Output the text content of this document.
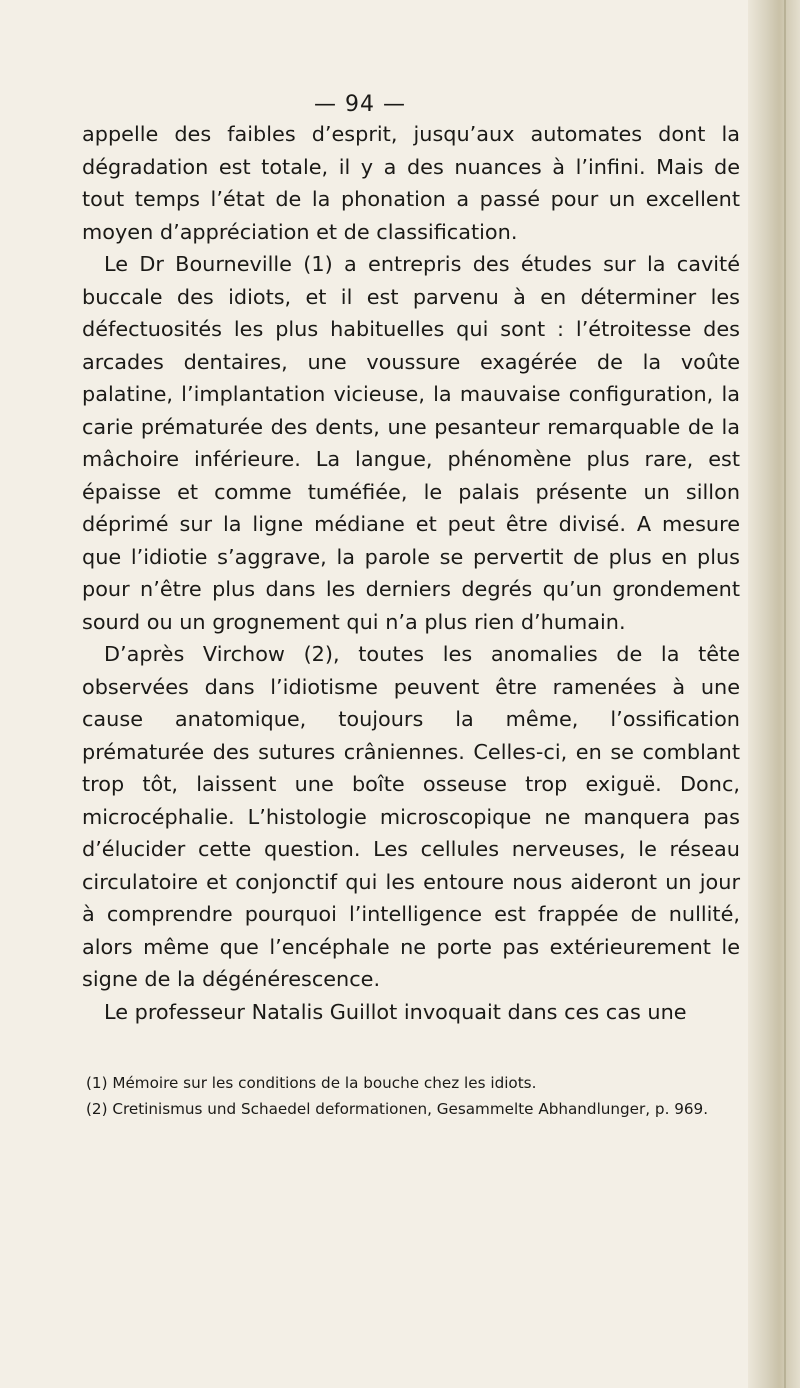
— 94 —

appelle des faibles d’esprit, jusqu’aux automates dont la dégradation est totale, il y a des nuances à l’infini. Mais de tout temps l’état de la phonation a passé pour un excellent moyen d’appréciation et de classification.

Le Dr Bourneville (1) a entrepris des études sur la cavité buccale des idiots, et il est parvenu à en déterminer les défectuosités les plus habituelles qui sont : l’étroitesse des arcades dentaires, une voussure exagérée de la voûte palatine, l’implantation vicieuse, la mauvaise configuration, la carie prématurée des dents, une pesanteur remarquable de la mâchoire inférieure. La langue, phénomène plus rare, est épaisse et comme tuméfiée, le palais présente un sillon déprimé sur la ligne médiane et peut être divisé. A mesure que l’idiotie s’aggrave, la parole se pervertit de plus en plus pour n’être plus dans les derniers degrés qu’un grondement sourd ou un grognement qui n’a plus rien d’humain.

D’après Virchow (2), toutes les anomalies de la tête observées dans l’idiotisme peuvent être ramenées à une cause anatomique, toujours la même, l’ossification prématurée des sutures crâniennes. Celles-ci, en se comblant trop tôt, laissent une boîte osseuse trop exiguë. Donc, microcéphalie. L’histologie microscopique ne manquera pas d’élucider cette question. Les cellules nerveuses, le réseau circulatoire et conjonctif qui les entoure nous aideront un jour à comprendre pourquoi l’intelligence est frappée de nullité, alors même que l’encéphale ne porte pas extérieurement le signe de la dégénérescence.

Le professeur Natalis Guillot invoquait dans ces cas une

(1) Mémoire sur les conditions de la bouche chez les idiots.

(2) Cretinismus und Schaedel deformationen, Gesammelte Abhandlunger, p. 969.
